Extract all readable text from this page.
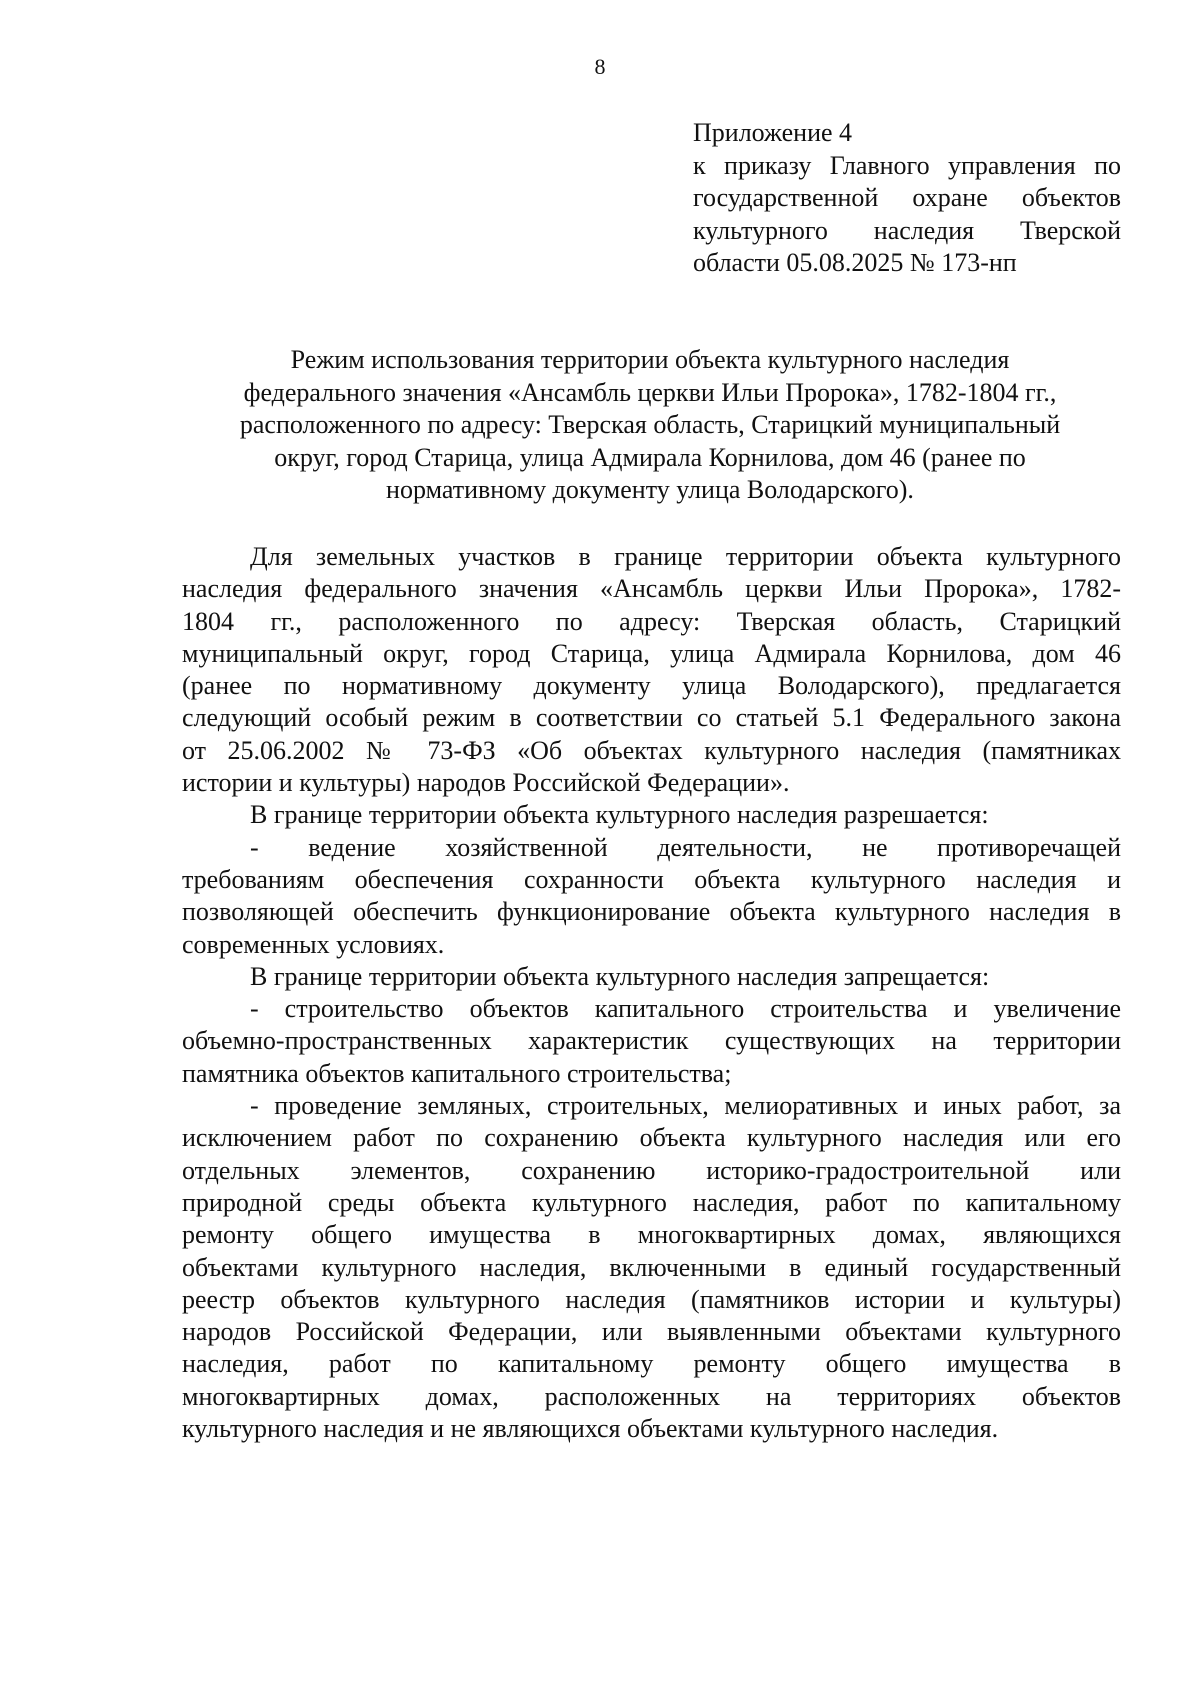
8
Приложение 4
к приказу Главного управления по
государственной охране объектов
культурного наследия Тверской
области 05.08.2025 № 173-нп
Режим использования территории объекта культурного наследия
федерального значения «Ансамбль церкви Ильи Пророка», 1782-1804 гг.,
расположенного по адресу: Тверская область, Старицкий муниципальный
округ, город Старица, улица Адмирала Корнилова, дом 46 (ранее по
нормативному документу улица Володарского).
Для земельных участков в границе территории объекта культурного
наследия федерального значения «Ансамбль церкви Ильи Пророка», 1782-
1804 гг., расположенного по адресу: Тверская область, Старицкий
муниципальный округ, город Старица, улица Адмирала Корнилова, дом 46
(ранее по нормативному документу улица Володарского), предлагается
следующий особый режим в соответствии со статьей 5.1 Федерального закона
от 25.06.2002 № 73-ФЗ «Об объектах культурного наследия (памятниках
истории и культуры) народов Российской Федерации».
В границе территории объекта культурного наследия разрешается:
- ведение хозяйственной деятельности, не противоречащей
требованиям обеспечения сохранности объекта культурного наследия и
позволяющей обеспечить функционирование объекта культурного наследия в
современных условиях.
В границе территории объекта культурного наследия запрещается:
- строительство объектов капитального строительства и увеличение
объемно-пространственных характеристик существующих на территории
памятника объектов капитального строительства;
- проведение земляных, строительных, мелиоративных и иных работ, за
исключением работ по сохранению объекта культурного наследия или его
отдельных элементов, сохранению историко-градостроительной или
природной среды объекта культурного наследия, работ по капитальному
ремонту общего имущества в многоквартирных домах, являющихся
объектами культурного наследия, включенными в единый государственный
реестр объектов культурного наследия (памятников истории и культуры)
народов Российской Федерации, или выявленными объектами культурного
наследия, работ по капитальному ремонту общего имущества в
многоквартирных домах, расположенных на территориях объектов
культурного наследия и не являющихся объектами культурного наследия.
